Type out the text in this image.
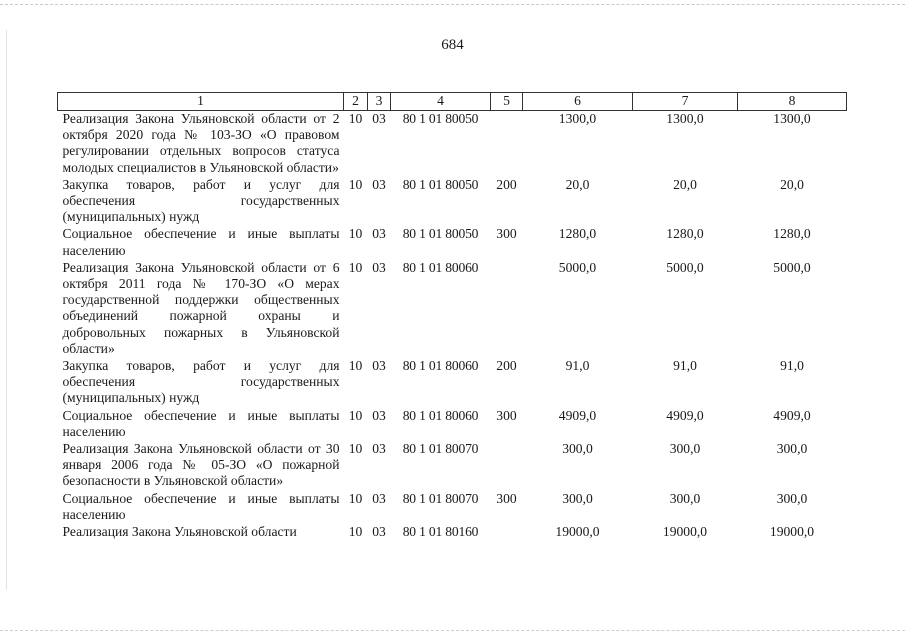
684
1	2	3	4	5	6	7	8
Реализация Закона Ульяновской области от 2 октября 2020 года № 103-ЗО «О правовом регулировании отдельных вопросов статуса молодых специалистов в Ульяновской области»	10	03	80 1 01 80050		1300,0	1300,0	1300,0
Закупка товаров, работ и услуг для обеспечения государственных (муниципальных) нужд	10	03	80 1 01 80050	200	20,0	20,0	20,0
Социальное обеспечение и иные выплаты населению	10	03	80 1 01 80050	300	1280,0	1280,0	1280,0
Реализация Закона Ульяновской области от 6 октября 2011 года № 170-ЗО «О мерах государственной поддержки общественных объединений пожарной охраны и добровольных пожарных в Ульяновской области»	10	03	80 1 01 80060		5000,0	5000,0	5000,0
Закупка товаров, работ и услуг для обеспечения государственных (муниципальных) нужд	10	03	80 1 01 80060	200	91,0	91,0	91,0
Социальное обеспечение и иные выплаты населению	10	03	80 1 01 80060	300	4909,0	4909,0	4909,0
Реализация Закона Ульяновской области от 30 января 2006 года № 05-ЗО «О пожарной безопасности в Ульяновской области»	10	03	80 1 01 80070		300,0	300,0	300,0
Социальное обеспечение и иные выплаты населению	10	03	80 1 01 80070	300	300,0	300,0	300,0
Реализация Закона Ульяновской области	10	03	80 1 01 80160		19000,0	19000,0	19000,0
